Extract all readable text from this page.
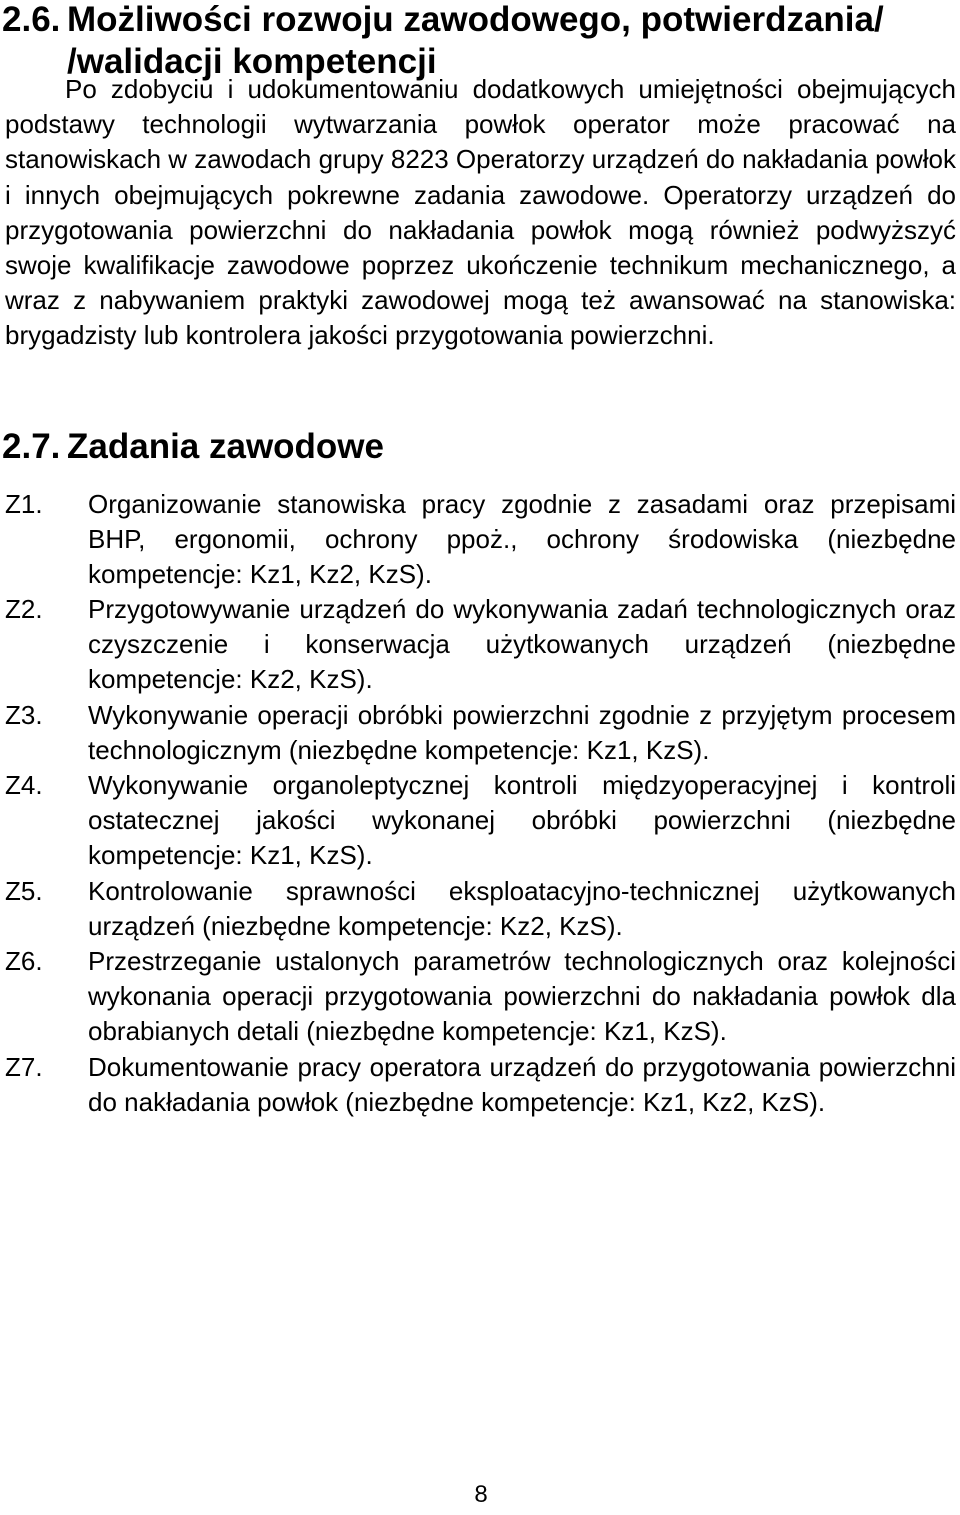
2.6. Możliwości rozwoju zawodowego, potwierdzania/
/walidacji kompetencji

Po zdobyciu i udokumentowaniu dodatkowych umiejętności obejmujących podstawy technologii wytwarzania powłok operator może pracować na stanowiskach w zawodach grupy 8223 Operatorzy urządzeń do nakładania powłok i innych obejmujących pokrewne zadania zawodowe. Operatorzy urządzeń do przygotowania powierzchni do nakładania powłok mogą również podwyższyć swoje kwalifikacje zawodowe poprzez ukończenie technikum mechanicznego, a wraz z nabywaniem praktyki zawodowej mogą też awansować na stanowiska: brygadzisty lub kontrolera jakości przygotowania powierzchni.

2.7. Zadania zawodowe
Z1. Organizowanie stanowiska pracy zgodnie z zasadami oraz przepisami BHP, ergonomii, ochrony ppoż., ochrony środowiska (niezbędne kompetencje: Kz1, Kz2, KzS).
Z2. Przygotowywanie urządzeń do wykonywania zadań technologicznych oraz czyszczenie i konserwacja użytkowanych urządzeń (niezbędne kompetencje: Kz2, KzS).
Z3. Wykonywanie operacji obróbki powierzchni zgodnie z przyjętym procesem technologicznym (niezbędne kompetencje: Kz1, KzS).
Z4. Wykonywanie organoleptycznej kontroli międzyoperacyjnej i kontroli ostatecznej jakości wykonanej obróbki powierzchni (niezbędne kompetencje: Kz1, KzS).
Z5. Kontrolowanie sprawności eksploatacyjno-technicznej użytkowanych urządzeń (niezbędne kompetencje: Kz2, KzS).
Z6. Przestrzeganie ustalonych parametrów technologicznych oraz kolejności wykonania operacji przygotowania powierzchni do nakładania powłok dla obrabianych detali (niezbędne kompetencje: Kz1, KzS).
Z7. Dokumentowanie pracy operatora urządzeń do przygotowania powierzchni do nakładania powłok (niezbędne kompetencje: Kz1, Kz2, KzS).
8
